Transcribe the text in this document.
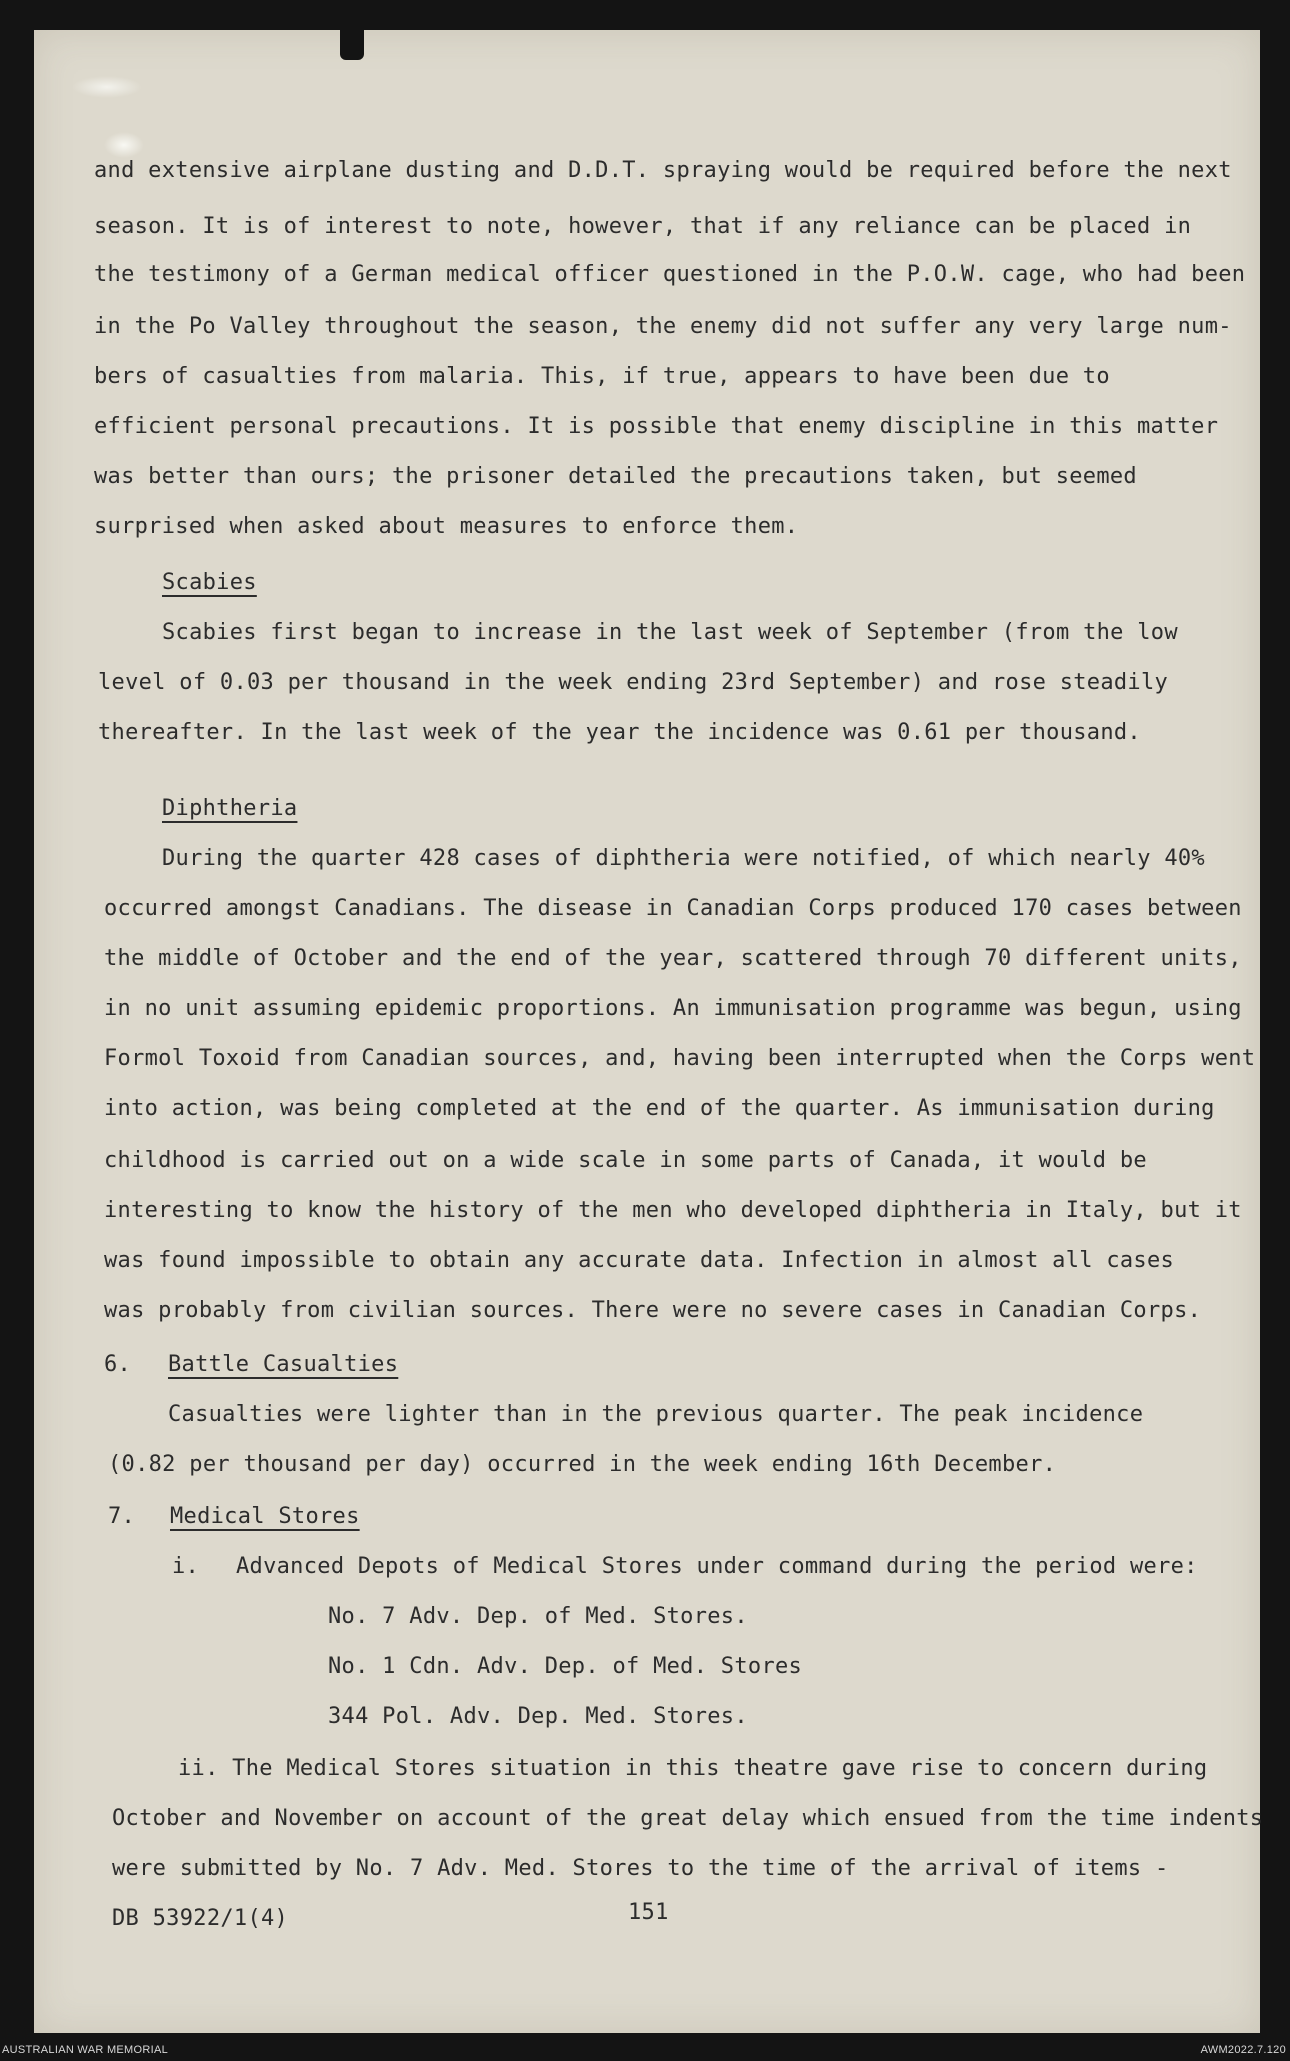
and extensive airplane dusting and D.D.T. spraying would be required before the next
season. It is of interest to note, however, that if any reliance can be placed in
the testimony of a German medical officer questioned in the P.O.W. cage, who had been
in the Po Valley throughout the season, the enemy did not suffer any very large num-
bers of casualties from malaria. This, if true, appears to have been due to
efficient personal precautions. It is possible that enemy discipline in this matter
was better than ours; the prisoner detailed the precautions taken, but seemed
surprised when asked about measures to enforce them.
Scabies
Scabies first began to increase in the last week of September (from the low
level of 0.03 per thousand in the week ending 23rd September) and rose steadily
thereafter. In the last week of the year the incidence was 0.61 per thousand.
Diphtheria
During the quarter 428 cases of diphtheria were notified, of which nearly 40%
occurred amongst Canadians. The disease in Canadian Corps produced 170 cases between
the middle of October and the end of the year, scattered through 70 different units,
in no unit assuming epidemic proportions. An immunisation programme was begun, using
Formol Toxoid from Canadian sources, and, having been interrupted when the Corps went
into action, was being completed at the end of the quarter. As immunisation during
childhood is carried out on a wide scale in some parts of Canada, it would be
interesting to know the history of the men who developed diphtheria in Italy, but it
was found impossible to obtain any accurate data. Infection in almost all cases
was probably from civilian sources. There were no severe cases in Canadian Corps.
6. Battle Casualties
Casualties were lighter than in the previous quarter. The peak incidence
(0.82 per thousand per day) occurred in the week ending 16th December.
7. Medical Stores
i. Advanced Depots of Medical Stores under command during the period were:
No. 7 Adv. Dep. of Med. Stores.
No. 1 Cdn. Adv. Dep. of Med. Stores
344 Pol. Adv. Dep. Med. Stores.
ii. The Medical Stores situation in this theatre gave rise to concern during
October and November on account of the great delay which ensued from the time indents
were submitted by No. 7 Adv. Med. Stores to the time of the arrival of items -
DB 53922/1(4)	151
AUSTRALIAN WAR MEMORIAL	AWM2022.7.120
